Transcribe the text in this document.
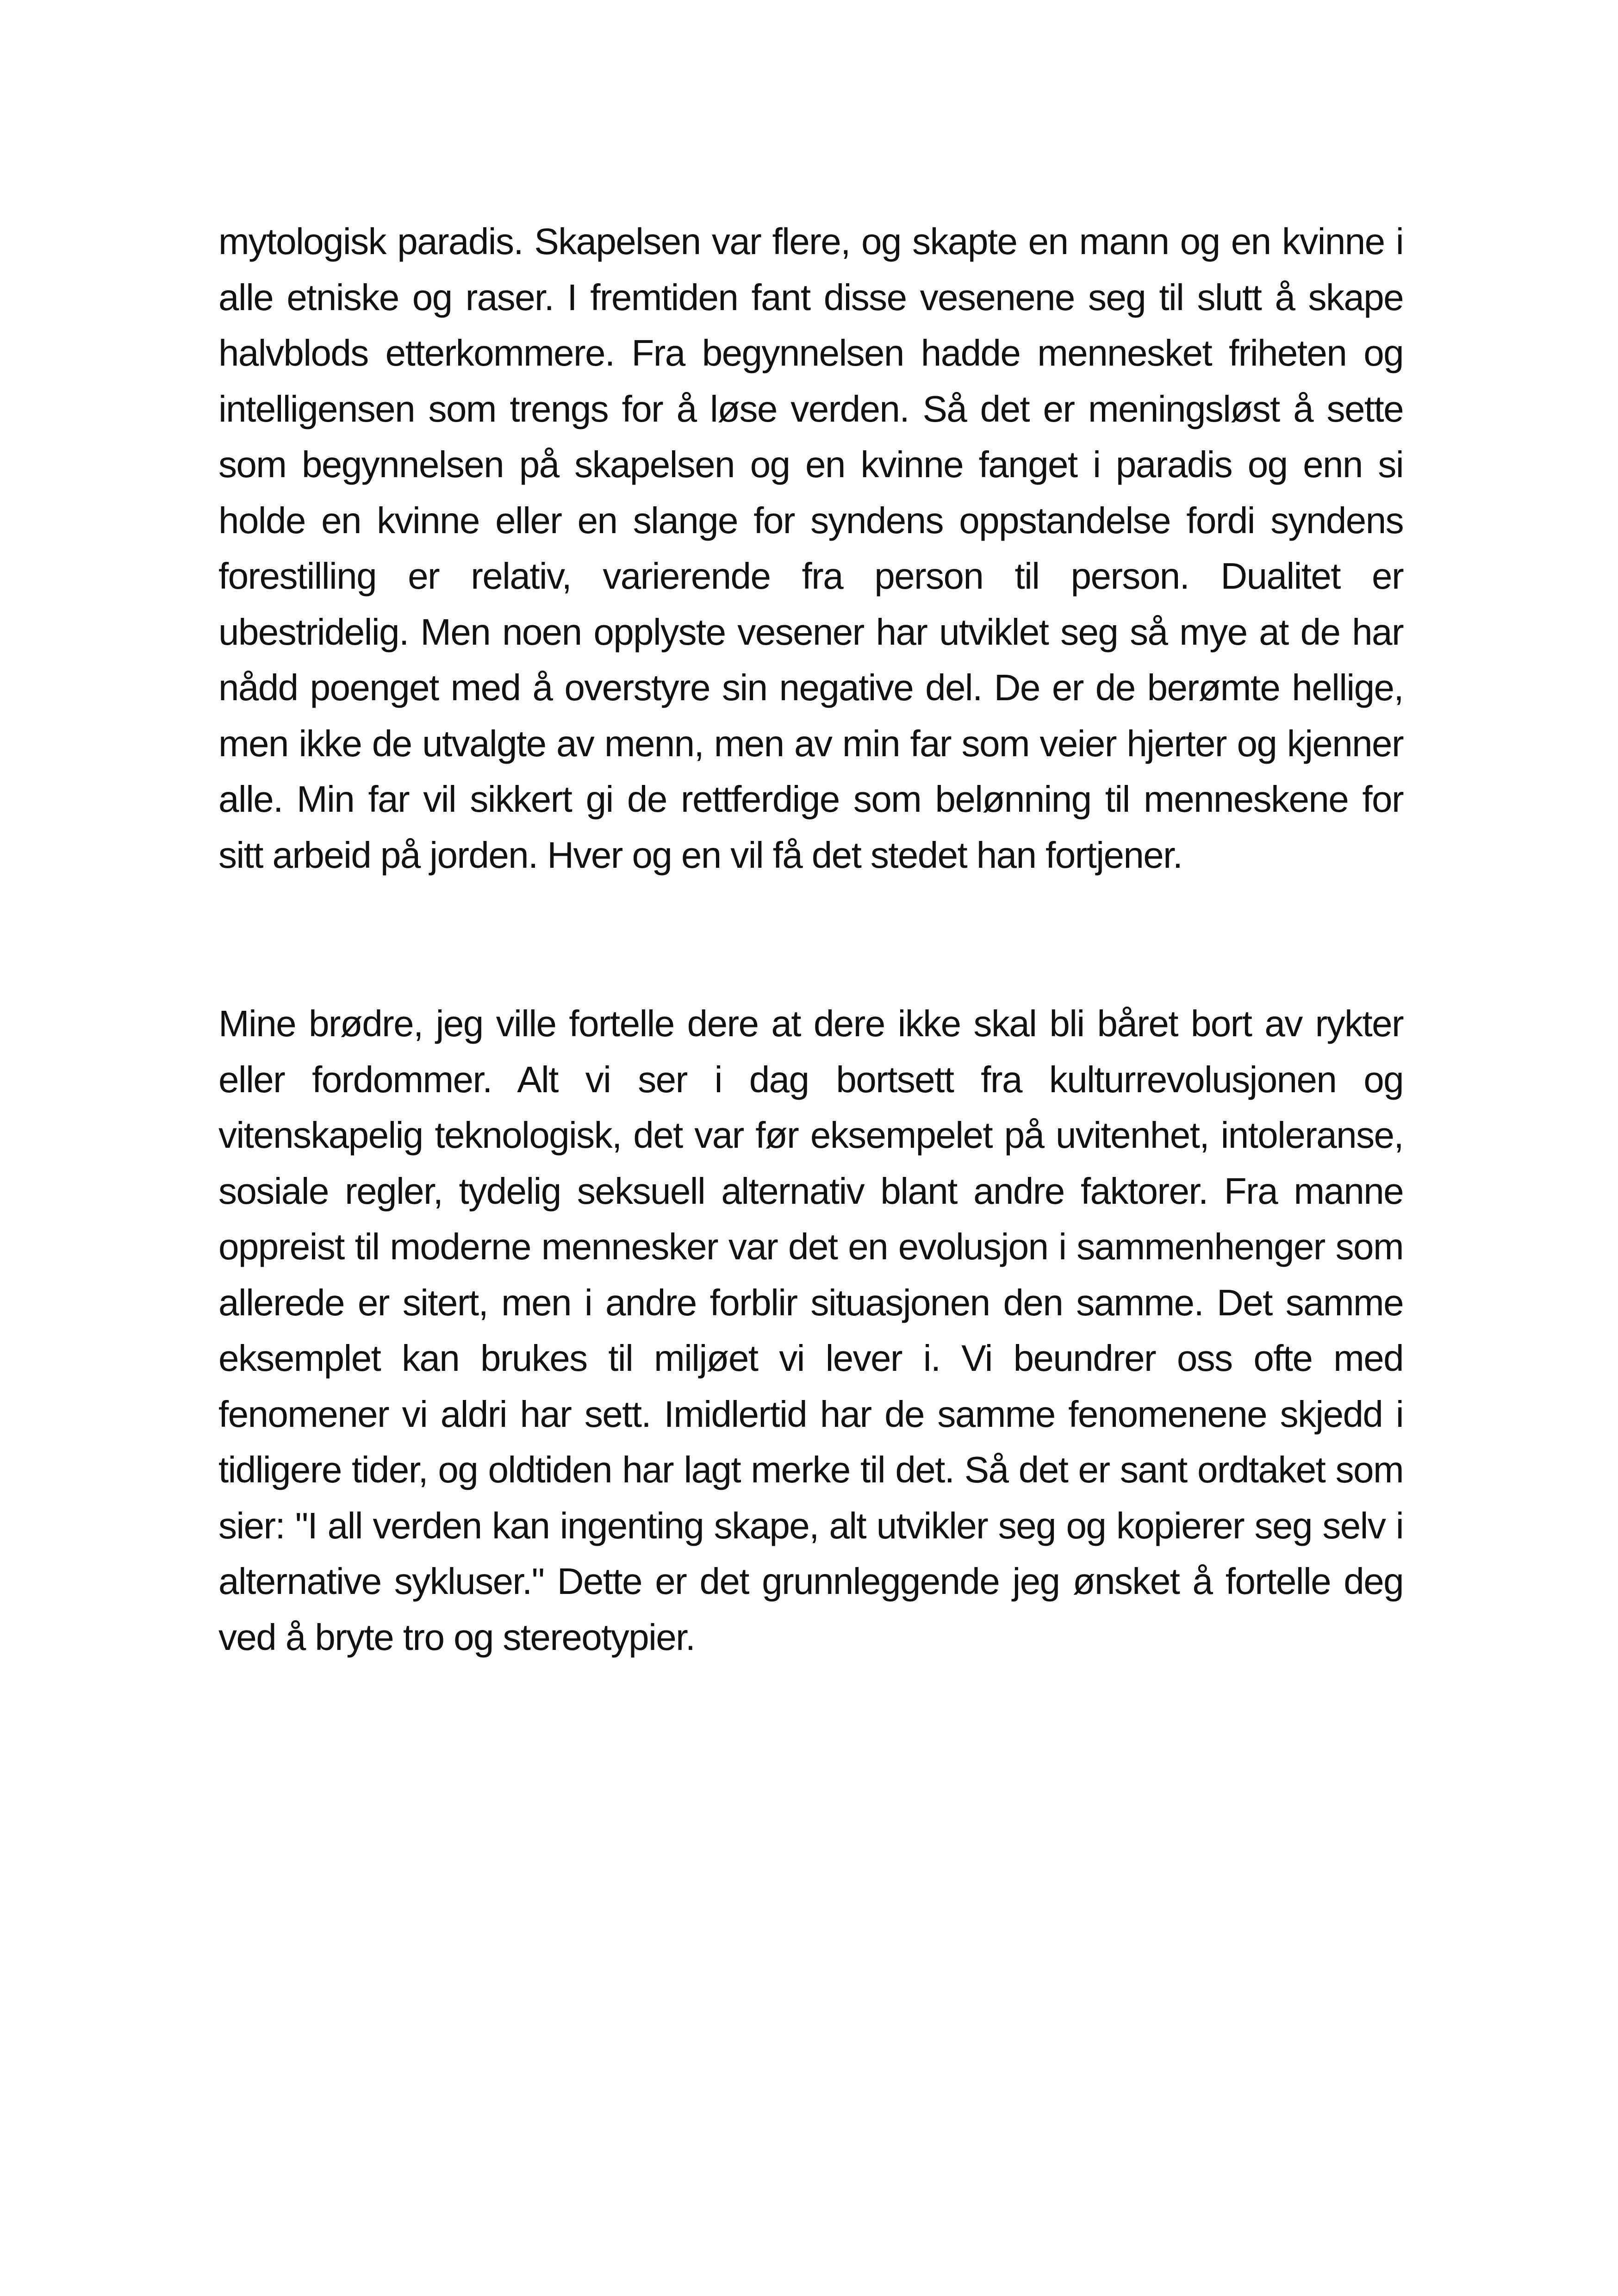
mytologisk paradis. Skapelsen var flere, og skapte en mann og en kvinne i alle etniske og raser. I fremtiden fant disse vesenene seg til slutt å skape halvblods etterkommere. Fra begynnelsen hadde mennesket friheten og intelligensen som trengs for å løse verden. Så det er meningsløst å sette som begynnelsen på skapelsen og en kvinne fanget i paradis og enn si holde en kvinne eller en slange for syndens oppstandelse fordi syndens forestilling er relativ, varierende fra person til person. Dualitet er ubestridelig. Men noen opplyste vesener har utviklet seg så mye at de har nådd poenget med å overstyre sin negative del. De er de berømte hellige, men ikke de utvalgte av menn, men av min far som veier hjerter og kjenner alle. Min far vil sikkert gi de rettferdige som belønning til menneskene for sitt arbeid på jorden. Hver og en vil få det stedet han fortjener.

Mine brødre, jeg ville fortelle dere at dere ikke skal bli båret bort av rykter eller fordommer. Alt vi ser i dag bortsett fra kulturrevolusjonen og vitenskapelig teknologisk, det var før eksempelet på uvitenhet, intoleranse, sosiale regler, tydelig seksuell alternativ blant andre faktorer. Fra manne oppreist til moderne mennesker var det en evolusjon i sammenhenger som allerede er sitert, men i andre forblir situasjonen den samme. Det samme eksemplet kan brukes til miljøet vi lever i. Vi beundrer oss ofte med fenomener vi aldri har sett. Imidlertid har de samme fenomenene skjedd i tidligere tider, og oldtiden har lagt merke til det. Så det er sant ordtaket som sier: "I all verden kan ingenting skape, alt utvikler seg og kopierer seg selv i alternative sykluser." Dette er det grunnleggende jeg ønsket å fortelle deg ved å bryte tro og stereotypier.
